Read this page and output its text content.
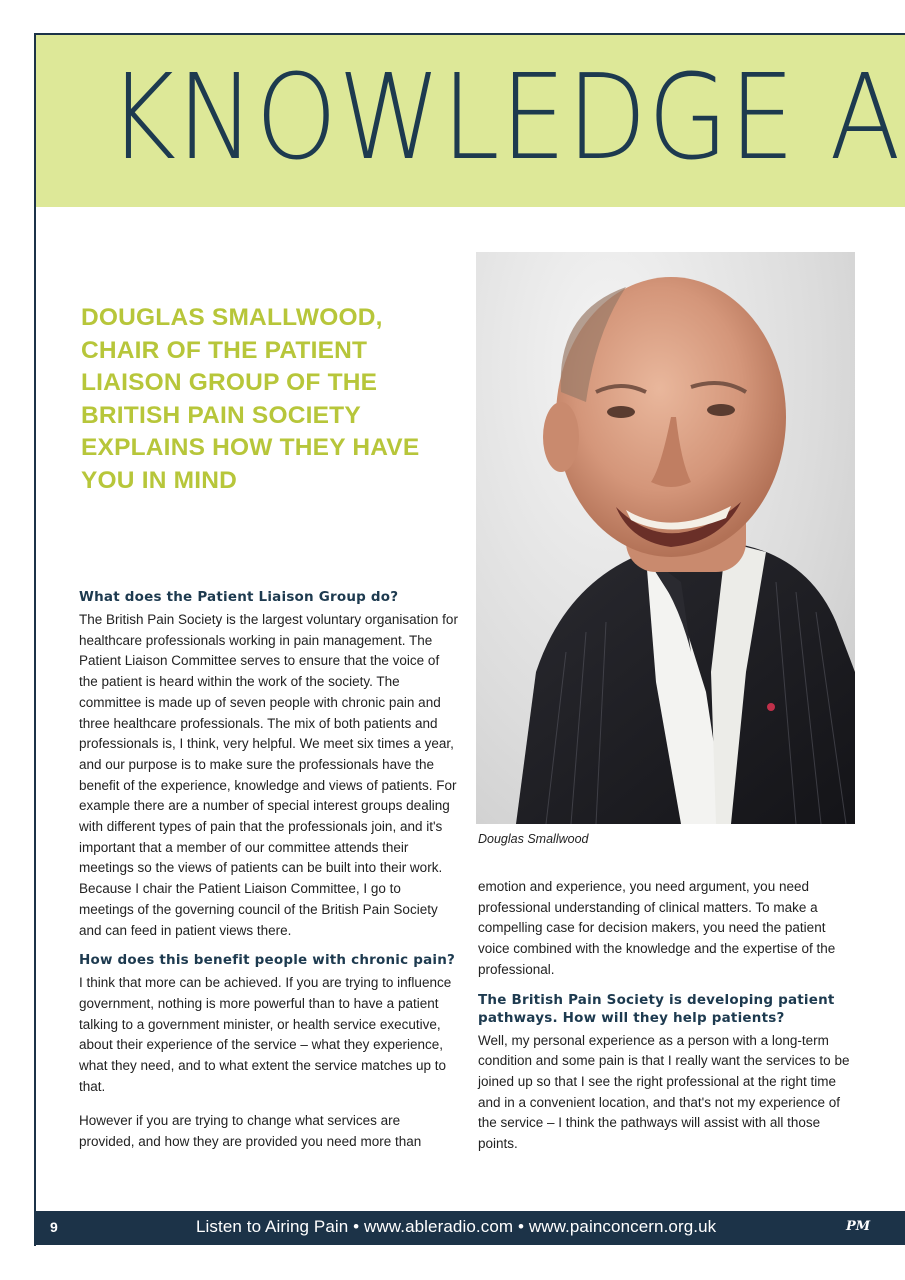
KNOWLEDGE A
DOUGLAS SMALLWOOD, CHAIR OF THE PATIENT LIAISON GROUP OF THE BRITISH PAIN SOCIETY EXPLAINS HOW THEY HAVE YOU IN MIND

Douglas Smallwood

What does the Patient Liaison Group do?

The British Pain Society is the largest voluntary organisation for healthcare professionals working in pain management. The Patient Liaison Committee serves to ensure that the voice of the patient is heard within the work of the society. The committee is made up of seven people with chronic pain and three healthcare professionals. The mix of both patients and professionals is, I think, very helpful. We meet six times a year, and our purpose is to make sure the professionals have the benefit of the experience, knowledge and views of patients. For example there are a number of special interest groups dealing with different types of pain that the professionals join, and it's important that a member of our committee attends their meetings so the views of patients can be built into their work. Because I chair the Patient Liaison Committee, I go to meetings of the governing council of the British Pain Society and can feed in patient views there.

How does this benefit people with chronic pain?

I think that more can be achieved. If you are trying to influence government, nothing is more powerful than to have a patient talking to a government minister, or health service executive, about their experience of the service – what they experience, what they need, and to what extent the service matches up to that.

However if you are trying to change what services are provided, and how they are provided you need more than

emotion and experience, you need argument, you need professional understanding of clinical matters. To make a compelling case for decision makers, you need the patient voice combined with the knowledge and the expertise of the professional.

The British Pain Society is developing patient pathways. How will they help patients?

Well, my personal experience as a person with a long-term condition and some pain is that I really want the services to be joined up so that I see the right professional at the right time and in a convenient location, and that's not my experience of the service – I think the pathways will assist with all those points.

9	Listen to Airing Pain • www.ableradio.com • www.painconcern.org.uk	PM
